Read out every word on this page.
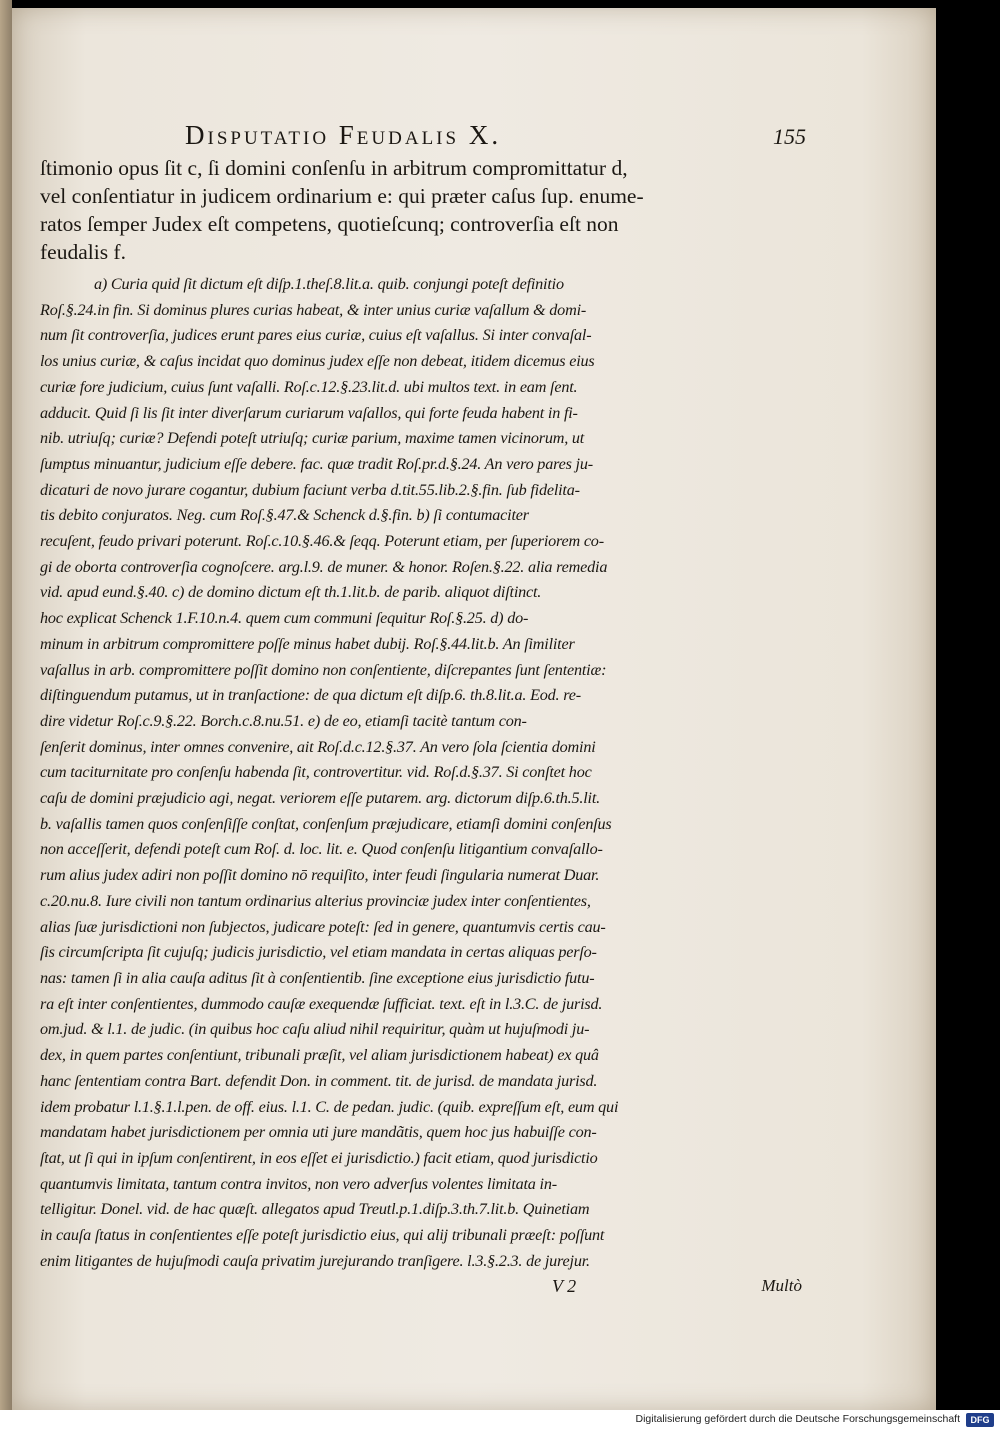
Disputatio Feudalis X.	155
ſtimonio opus ſit c, ſi domini conſenſu in arbitrum compromittatur d,
vel conſentiatur in judicem ordinarium e: qui præter caſus ſup. enume-
ratos ſemper Judex eſt competens, quotieſcunq; controverſia eſt non
feudalis f.
a) Curia quid ſit dictum eſt diſp.1.theſ.8.lit.a. quib. conjungi poteſt definitio
Roſ.§.24.in fin. Si dominus plures curias habeat, & inter unius curiæ vaſallum & domi-
num ſit controverſia, judices erunt pares eius curiæ, cuius eſt vaſallus. Si inter convaſal-
los unius curiæ, & caſus incidat quo dominus judex eſſe non debeat, itidem dicemus eius
curiæ fore judicium, cuius ſunt vaſalli. Roſ.c.12.§.23.lit.d. ubi multos text. in eam ſent.
adducit. Quid ſi lis ſit inter diverſarum curiarum vaſallos, qui forte feuda habent in fi-
nib. utriuſq; curiæ? Defendi poteſt utriuſq; curiæ parium, maxime tamen vicinorum, ut
ſumptus minuantur, judicium eſſe debere. fac. quæ tradit Roſ.pr.d.§.24. An vero pares ju-
dicaturi de novo jurare cogantur, dubium faciunt verba d.tit.55.lib.2.§.fin. ſub fidelita-
tis debito conjuratos. Neg. cum Roſ.§.47.& Schenck d.§.fin. b) ſi contumaciter
recuſent, feudo privari poterunt. Roſ.c.10.§.46.& ſeqq. Poterunt etiam, per ſuperiorem co-
gi de oborta controverſia cognoſcere. arg.l.9. de muner. & honor. Roſen.§.22. alia remedia
vid. apud eund.§.40. c) de domino dictum eſt th.1.lit.b. de parib. aliquot diſtinct.
hoc explicat Schenck 1.F.10.n.4. quem cum communi ſequitur Roſ.§.25. d) do-
minum in arbitrum compromittere poſſe minus habet dubij. Roſ.§.44.lit.b. An ſimiliter
vaſallus in arb. compromittere poſſit domino non conſentiente, diſcrepantes ſunt ſententiæ:
diſtinguendum putamus, ut in tranſactione: de qua dictum eſt diſp.6. th.8.lit.a. Eod. re-
dire videtur Roſ.c.9.§.22. Borch.c.8.nu.51. e) de eo, etiamſi tacitè tantum con-
ſenſerit dominus, inter omnes convenire, ait Roſ.d.c.12.§.37. An vero ſola ſcientia domini
cum taciturnitate pro conſenſu habenda ſit, controvertitur. vid. Roſ.d.§.37. Si conſtet hoc
caſu de domini præjudicio agi, negat. veriorem eſſe putarem. arg. dictorum diſp.6.th.5.lit.
b. vaſallis tamen quos conſenſiſſe conſtat, conſenſum præjudicare, etiamſi domini conſenſus
non acceſſerit, defendi poteſt cum Roſ. d. loc. lit. e. Quod conſenſu litigantium convaſallo-
rum alius judex adiri non poſſit domino nō requiſito, inter feudi ſingularia numerat Duar.
c.20.nu.8. Iure civili non tantum ordinarius alterius provinciæ judex inter conſentientes,
alias ſuæ jurisdictioni non ſubjectos, judicare poteſt: ſed in genere, quantumvis certis cau-
ſis circumſcripta ſit cujuſq; judicis jurisdictio, vel etiam mandata in certas aliquas perſo-
nas: tamen ſi in alia cauſa aditus ſit à conſentientib. ſine exceptione eius jurisdictio futu-
ra eſt inter conſentientes, dummodo cauſæ exequendæ ſufficiat. text. eſt in l.3.C. de jurisd.
om.jud. & l.1. de judic. (in quibus hoc caſu aliud nihil requiritur, quàm ut hujuſmodi ju-
dex, in quem partes conſentiunt, tribunali præſit, vel aliam jurisdictionem habeat) ex quâ
hanc ſententiam contra Bart. defendit Don. in comment. tit. de jurisd. de mandata jurisd.
idem probatur l.1.§.1.l.pen. de off. eius. l.1. C. de pedan. judic. (quib. expreſſum eſt, eum qui
mandatam habet jurisdictionem per omnia uti jure mandãtis, quem hoc jus habuiſſe con-
ſtat, ut ſi qui in ipſum conſentirent, in eos eſſet ei jurisdictio.) facit etiam, quod jurisdictio
quantumvis limitata, tantum contra invitos, non vero adverſus volentes limitata in-
telligitur. Donel. vid. de hac quæſt. allegatos apud Treutl.p.1.diſp.3.th.7.lit.b. Quinetiam
in cauſa ſtatus in conſentientes eſſe poteſt jurisdictio eius, qui alij tribunali præeſt: poſſunt
enim litigantes de hujuſmodi cauſa privatim jurejurando tranſigere. l.3.§.2.3. de jurejur.
V 2	Multò
Digitalisierung gefördert durch die Deutsche Forschungsgemeinschaft	DFG
